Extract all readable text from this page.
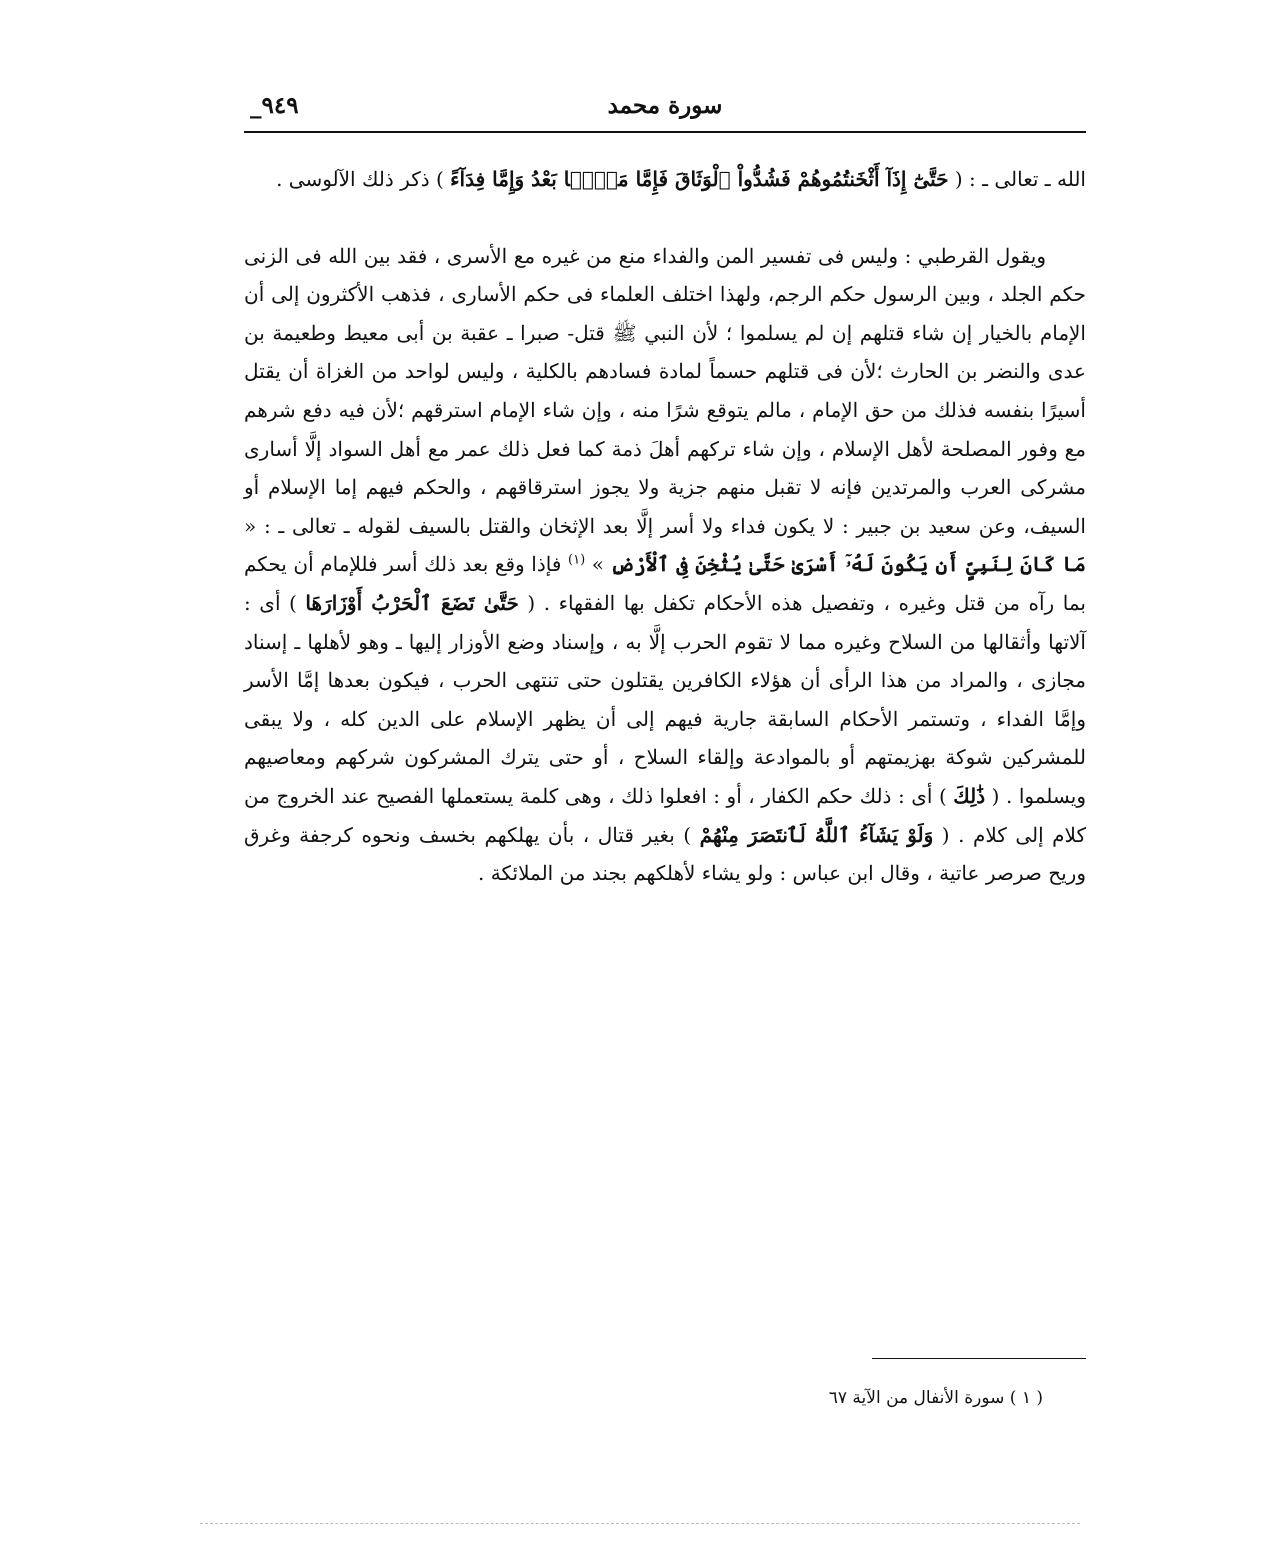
سورة محمد
٩٤٩_

الله ـ تعالى ـ : ( حَتَّىٰٓ إِذَآ أَثْخَنتُمُوهُمْ فَشُدُّواْ ٱلْوَثَاقَ فَإِمَّا مَنًّۢا بَعْدُ وَإِمَّا فِدَآءً ) ذكر ذلك الآلوسى .

ويقول القرطبي : وليس فى تفسير المن والفداء منع من غيره مع الأسرى ، فقد بين الله فى الزنى حكم الجلد ، وبين الرسول حكم الرجم، ولهذا اختلف العلماء فى حكم الأسارى ، فذهب الأكثرون إلى أن الإمام بالخيار إن شاء قتلهم إن لم يسلموا ؛ لأن النبي ﷺ قتل- صبرا ـ عقبة بن أبى معيط وطعيمة بن عدى والنضر بن الحارث ؛لأن فى قتلهم حسماً لمادة فسادهم بالكلية ، وليس لواحد من الغزاة أن يقتل أسيرًا بنفسه فذلك من حق الإمام ، مالم يتوقع شرًا منه ، وإن شاء الإمام استرقهم ؛لأن فيه دفع شرهم مع وفور المصلحة لأهل الإسلام ، وإن شاء تركهم أهلَ ذمة كما فعل ذلك عمر مع أهل السواد إلَّا أسارى مشركى العرب والمرتدين فإنه لا تقبل منهم جزية ولا يجوز استرقاقهم ، والحكم فيهم إما الإسلام أو السيف، وعن سعيد بن جبير : لا يكون فداء ولا أسر إلَّا بعد الإثخان والقتل بالسيف لقوله ـ تعالى ـ : « مَا كَانَ لِنَبِىٍّ أَن يَكُونَ لَهُۥٓ أَسْرَىٰ حَتَّىٰ يُثْخِنَ فِى ٱلْأَرْضِ » $^{(١)}$ فإذا وقع بعد ذلك أسر فللإمام أن يحكم بما رآه من قتل وغيره ، وتفصيل هذه الأحكام تكفل بها الفقهاء . ( حَتَّىٰ تَضَعَ ٱلْحَرْبُ أَوْزَارَهَا ) أى : آلاتها وأثقالها من السلاح وغيره مما لا تقوم الحرب إلَّا به ، وإسناد وضع الأوزار إليها ـ وهو لأهلها ـ إسناد مجازى ، والمراد من هذا الرأى أن هؤلاء الكافرين يقتلون حتى تنتهى الحرب ، فيكون بعدها إمَّا الأسر وإمَّا الفداء ، وتستمر الأحكام السابقة جارية فيهم إلى أن يظهر الإسلام على الدين كله ، ولا يبقى للمشركين شوكة بهزيمتهم أو بالموادعة وإلقاء السلاح ، أو حتى يترك المشركون شركهم ومعاصيهم ويسلموا . ( ذَٰلِكَ ) أى : ذلك حكم الكفار ، أو : افعلوا ذلك ، وهى كلمة يستعملها الفصيح عند الخروج من كلام إلى كلام . ( وَلَوْ يَشَآءُ ٱللَّهُ لَٱنتَصَرَ مِنْهُمْ ) بغير قتال ، بأن يهلكهم بخسف ونحوه كرجفة وغرق وريح صرصر عاتية ، وقال ابن عباس : ولو يشاء لأهلكهم بجند من الملائكة .

( ١ ) سورة الأنفال من الآية ٦٧
